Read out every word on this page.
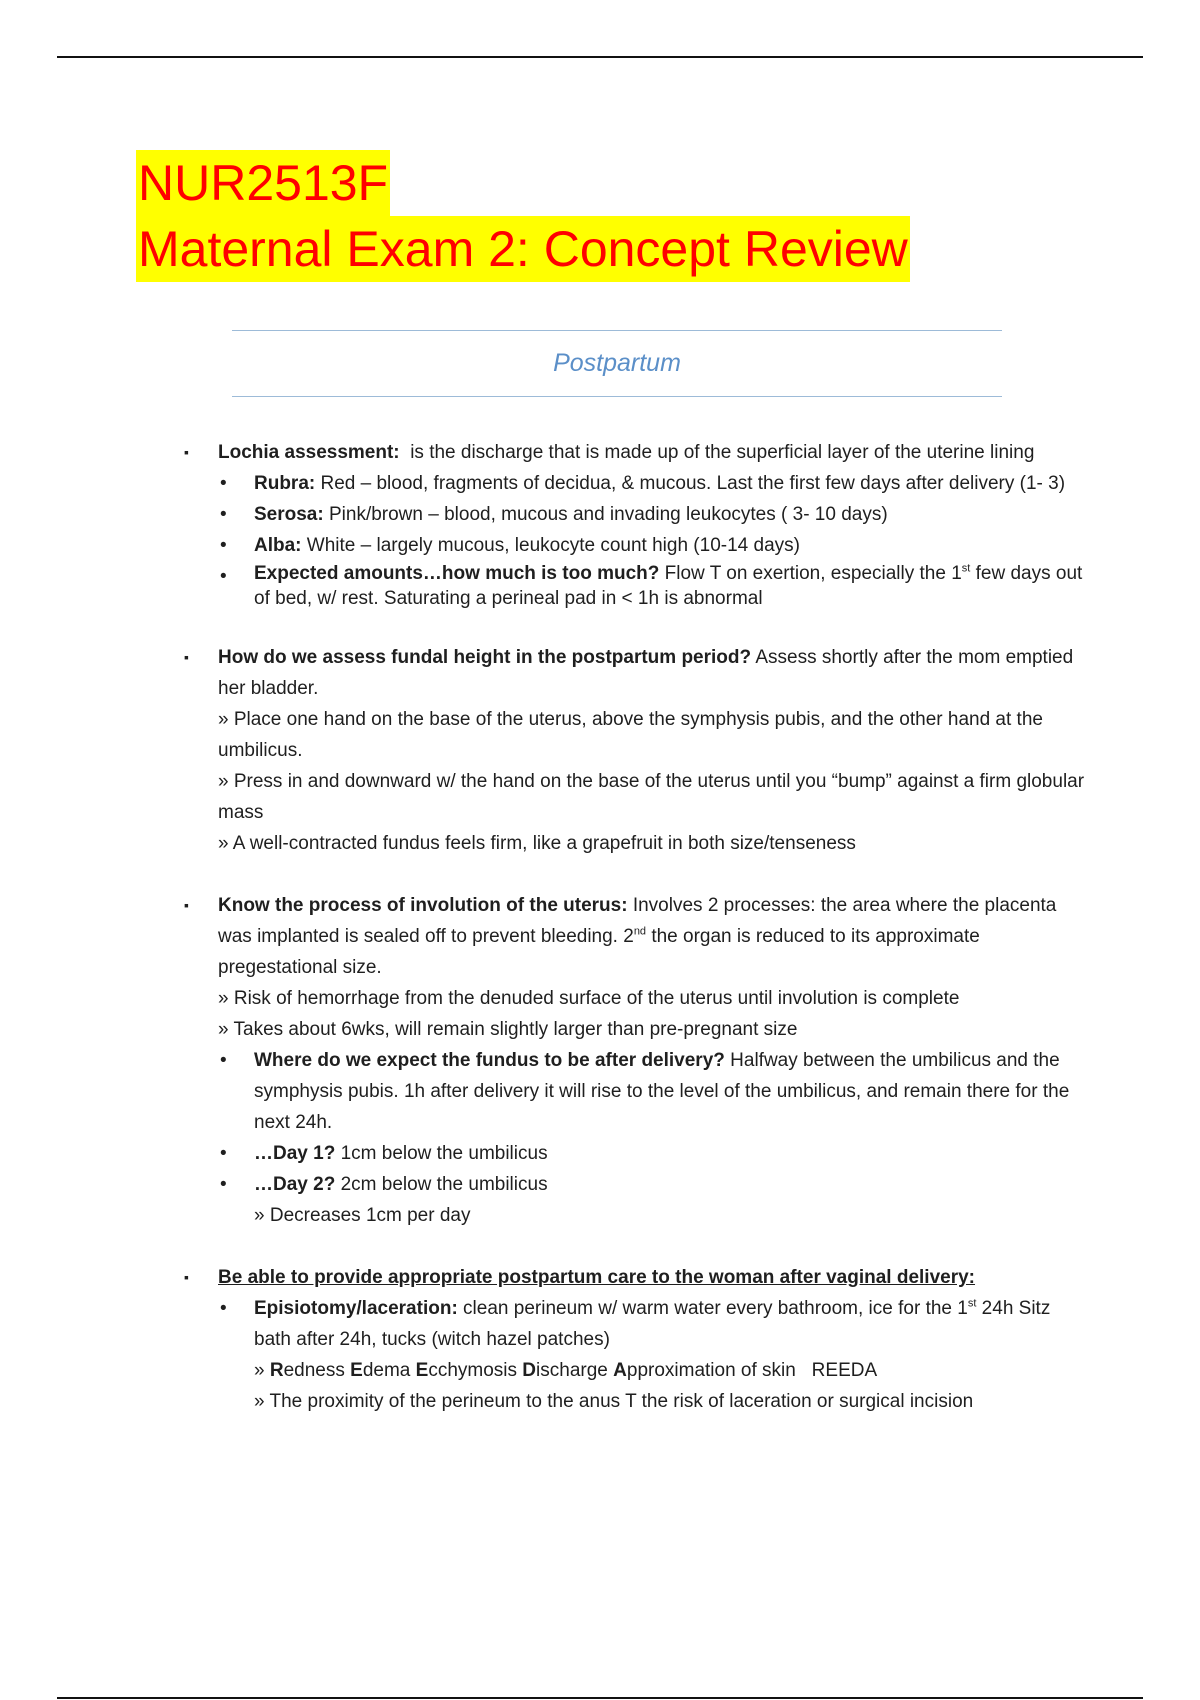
NUR2513F
Maternal Exam 2: Concept Review
Postpartum
▪
Lochia assessment:  is the discharge that is made up of the superficial layer of the uterine lining
•
Rubra: Red – blood, fragments of decidua, & mucous. Last the first few days after delivery (1- 3)
•
Serosa: Pink/brown – blood, mucous and invading leukocytes ( 3- 10 days)
•
Alba: White – largely mucous, leukocyte count high (10-14 days)
•
Expected amounts…how much is too much? Flow T on exertion, especially the 1st few days out of bed, w/ rest. Saturating a perineal pad in < 1h is abnormal
▪
How do we assess fundal height in the postpartum period? Assess shortly after the mom emptied her bladder.
» Place one hand on the base of the uterus, above the symphysis pubis, and the other hand at the umbilicus.
» Press in and downward w/ the hand on the base of the uterus until you “bump” against a firm globular mass
» A well-contracted fundus feels firm, like a grapefruit in both size/tenseness
▪
Know the process of involution of the uterus: Involves 2 processes: the area where the placenta was implanted is sealed off to prevent bleeding. 2nd the organ is reduced to its approximate pregestational size.
» Risk of hemorrhage from the denuded surface of the uterus until involution is complete
» Takes about 6wks, will remain slightly larger than pre-pregnant size
•
Where do we expect the fundus to be after delivery? Halfway between the umbilicus and the symphysis pubis. 1h after delivery it will rise to the level of the umbilicus, and remain there for the next 24h.
•
…Day 1? 1cm below the umbilicus
•
…Day 2? 2cm below the umbilicus
» Decreases 1cm per day
▪
Be able to provide appropriate postpartum care to the woman after vaginal delivery:
•
Episiotomy/laceration: clean perineum w/ warm water every bathroom, ice for the 1st 24h Sitz bath after 24h, tucks (witch hazel patches)
» Redness Edema Ecchymosis Discharge Approximation of skin   REEDA
» The proximity of the perineum to the anus T the risk of laceration or surgical incision
